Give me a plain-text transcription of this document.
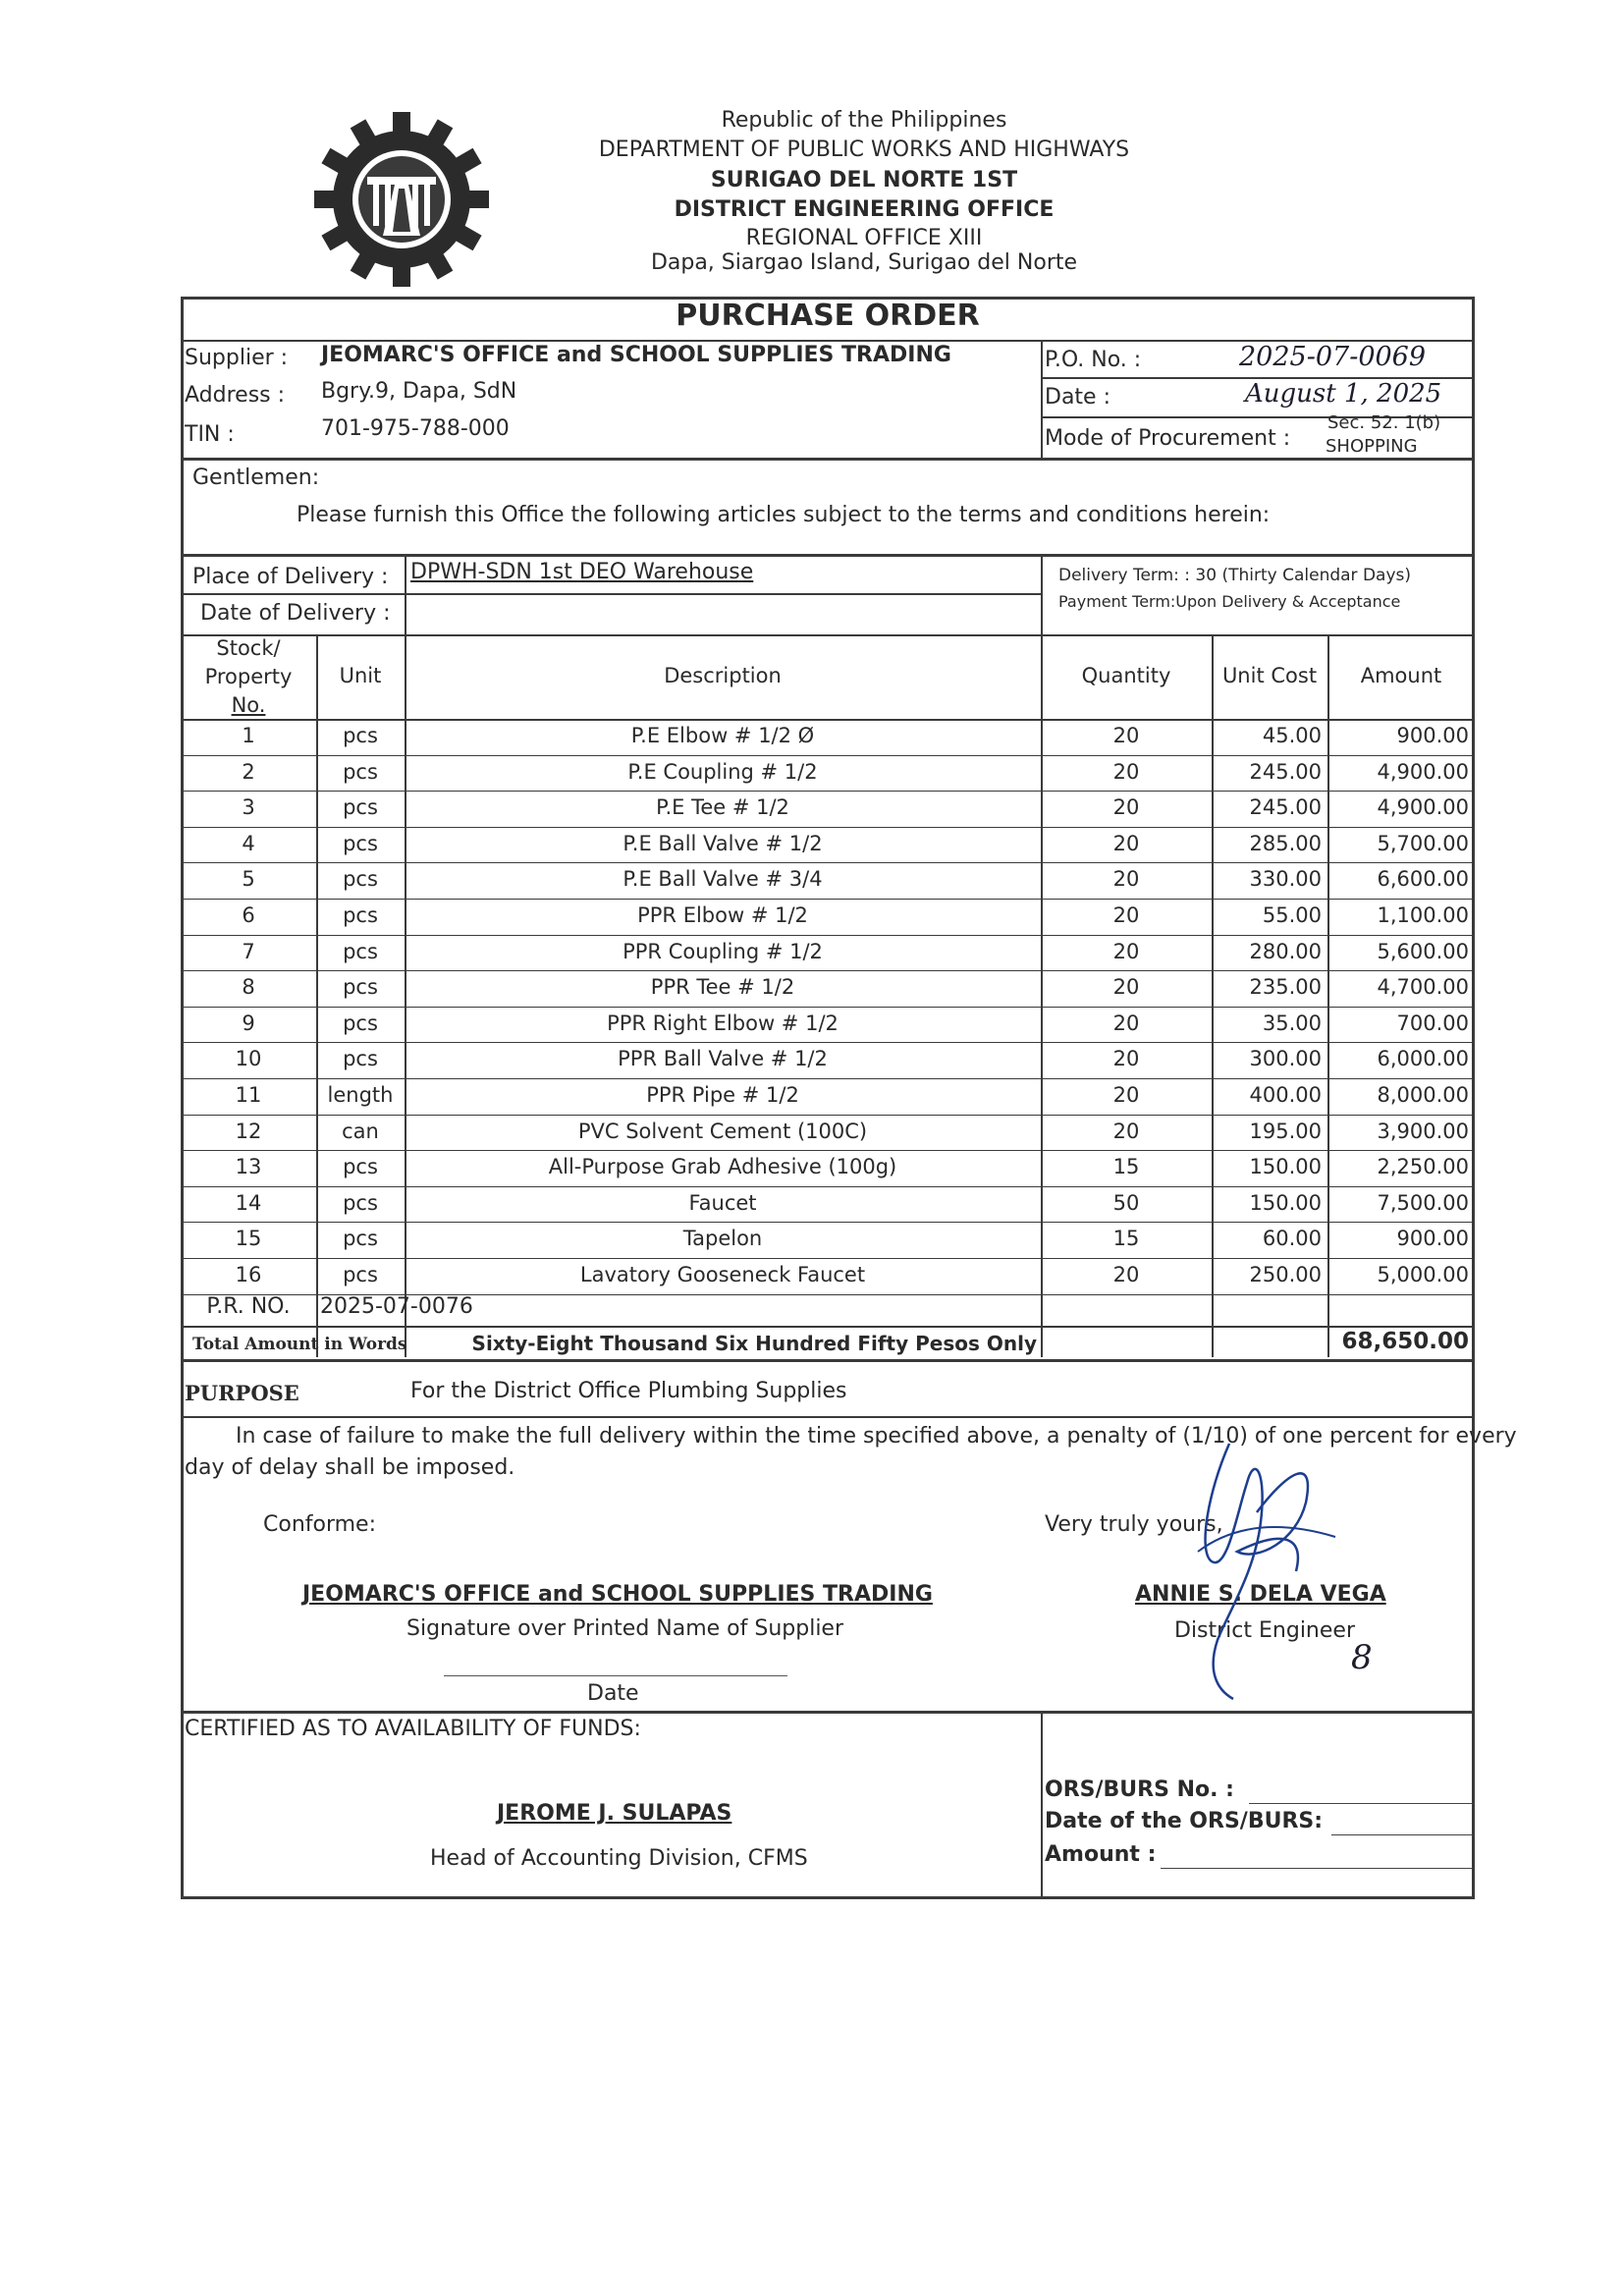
Republic of the Philippines
DEPARTMENT OF PUBLIC WORKS AND HIGHWAYS
SURIGAO DEL NORTE 1ST
DISTRICT ENGINEERING OFFICE
REGIONAL OFFICE XIII
Dapa, Siargao Island, Surigao del Norte
PURCHASE ORDER
Supplier : JEOMARC'S OFFICE and SCHOOL SUPPLIES TRADING
Address : Bgry.9, Dapa, SdN
TIN :	701-975-788-000
P.O. No. :	2025-07-0069
Date :	August 1, 2025
Mode of Procurement :
Sec. 52. 1(b)
SHOPPING
Gentlemen:
Please furnish this Office the following articles subject to the terms and conditions herein:
Place of Delivery : DPWH-SDN 1st DEO Warehouse
Date of Delivery :
Delivery Term: : 30 (Thirty Calendar Days)
Payment Term:Upon Delivery & Acceptance
Stock/
Property
No.
Unit	Description	Quantity	Unit Cost	Amount
1	pcs	P.E Elbow # 1/2 Ø	20	45.00	900.00
2	pcs	P.E Coupling # 1/2	20	245.00	4,900.00
3	pcs	P.E Tee # 1/2	20	245.00	4,900.00
4	pcs	P.E Ball Valve # 1/2	20	285.00	5,700.00
5	pcs	P.E Ball Valve # 3/4	20	330.00	6,600.00
6	pcs	PPR Elbow # 1/2	20	55.00	1,100.00
7	pcs	PPR Coupling # 1/2	20	280.00	5,600.00
8	pcs	PPR Tee # 1/2	20	235.00	4,700.00
9	pcs	PPR Right Elbow # 1/2	20	35.00	700.00
10	pcs	PPR Ball Valve # 1/2	20	300.00	6,000.00
11	length	PPR Pipe # 1/2	20	400.00	8,000.00
12	can	PVC Solvent Cement (100C)	20	195.00	3,900.00
13	pcs	All-Purpose Grab Adhesive (100g)	15	150.00	2,250.00
14	pcs	Faucet	50	150.00	7,500.00
15	pcs	Tapelon	15	60.00	900.00
16	pcs	Lavatory Gooseneck Faucet	20	250.00	5,000.00
P.R. NO.	2025-07-0076
Total Amount in Words	Sixty-Eight Thousand Six Hundred Fifty Pesos Only	68,650.00
PURPOSE	For the District Office Plumbing Supplies
In case of failure to make the full delivery within the time specified above, a penalty of (1/10) of one percent for every
day of delay shall be imposed.
Conforme:	Very truly yours,
JEOMARC'S OFFICE and SCHOOL SUPPLIES TRADING
Signature over Printed Name of Supplier
Date
ANNIE S. DELA VEGA
District Engineer
8
CERTIFIED AS TO AVAILABILITY OF FUNDS:
JEROME J. SULAPAS
Head of Accounting Division, CFMS
ORS/BURS No. :
Date of the ORS/BURS:
Amount :
